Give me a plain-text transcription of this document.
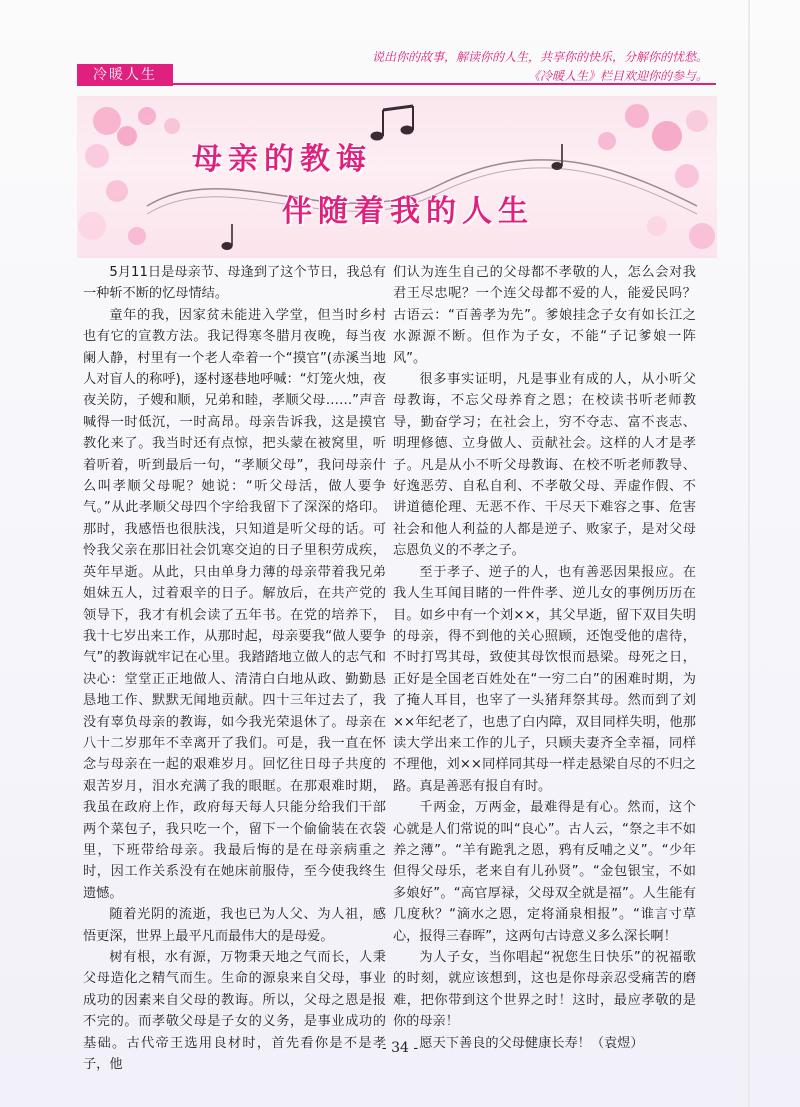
冷暖人生
说出你的故事，解读你的人生，共享你的快乐，分解你的忧愁。
《冷暖人生》栏目欢迎你的参与。
母亲的教诲
伴随着我的人生

5月11日是母亲节、母逢到了这个节日，我总有一种斩不断的忆母情结。

童年的我，因家贫未能进入学堂，但当时乡村也有它的宣教方法。我记得寒冬腊月夜晚，每当夜阑人静，村里有一个老人牵着一个“摸官”(赤溪当地人对盲人的称呼)，逐村逐巷地呼喊：“灯笼火烛，夜夜关防，子嫂和顺，兄弟和睦，孝顺父母……”声音喊得一时低沉，一时高昂。母亲告诉我，这是摸官教化来了。我当时还有点惊，把头蒙在被窝里，听着听着，听到最后一句，“孝顺父母”，我问母亲什么叫孝顺父母呢？她说：“听父母活，做人要争气。”从此孝顺父母四个字给我留下了深深的烙印。那时，我感悟也很肤浅，只知道是听父母的话。可怜我父亲在那旧社会饥寒交迫的日子里积劳成疾，英年早逝。从此，只由单身力薄的母亲带着我兄弟姐妹五人，过着艰辛的日子。解放后，在共产党的领导下，我才有机会读了五年书。在党的培养下，我十七岁出来工作，从那时起，母亲要我“做人要争气”的教诲就牢记在心里。我踏踏地立做人的志气和决心：堂堂正正地做人、清清白白地从政、勤勤恳恳地工作、默默无闻地贡献。四十三年过去了，我没有辜负母亲的教诲，如今我光荣退休了。母亲在八十二岁那年不幸离开了我们。可是，我一直在怀念与母亲在一起的艰难岁月。回忆往日母子共度的艰苦岁月，泪水充满了我的眼眶。在那艰难时期，我虽在政府上作，政府每天每人只能分给我们干部两个菜包子，我只吃一个，留下一个偷偷装在衣袋里，下班带给母亲。我最后悔的是在母亲病重之时，因工作关系没有在她床前服侍，至今使我终生遗憾。

随着光阴的流逝，我也已为人父、为人祖，感悟更深，世界上最平凡而最伟大的是母爱。

树有根，水有源，万物秉天地之气而长，人秉父母造化之精气而生。生命的源泉来自父母，事业成功的因素来自父母的教诲。所以，父母之恩是报不完的。而孝敬父母是子女的义务，是事业成功的基础。古代帝王选用良材时，首先看你是不是孝子，他

们认为连生自己的父母都不孝敬的人，怎么会对我君王尽忠呢？一个连父母都不爱的人，能爱民吗？古语云：“百善孝为先”。爹娘挂念子女有如长江之水源源不断。但作为子女，不能“子记爹娘一阵风”。

很多事实证明，凡是事业有成的人，从小听父母教诲，不忘父母养育之恩；在校读书听老师教导，勤奋学习；在社会上，穷不夺志、富不丧志、明理修德、立身做人、贡献社会。这样的人才是孝子。凡是从小不听父母教诲、在校不听老师教导、好逸恶劳、自私自利、不孝敬父母、弄虚作假、不讲道德伦理、无恶不作、干尽天下难容之事、危害社会和他人利益的人都是逆子、败家子，是对父母忘恩负义的不孝之子。

至于孝子、逆子的人，也有善恶因果报应。在我人生耳闻目睹的一件件孝、逆儿女的事例历历在目。如乡中有一个刘××，其父早逝，留下双目失明的母亲，得不到他的关心照顾，还饱受他的虐待，不时打骂其母，致使其母饮恨而悬梁。母死之日，正好是全国老百姓处在“一穷二白”的困难时期，为了掩人耳目，也宰了一头猪拜祭其母。然而到了刘××年纪老了，也患了白内障，双目同样失明，他那读大学出来工作的儿子，只顾夫妻齐全幸福，同样不理他，刘××同样同其母一样走悬梁自尽的不归之路。真是善恶有报自有时。

千两金，万两金，最难得是有心。然而，这个心就是人们常说的叫“良心”。古人云，“祭之丰不如养之薄”。“羊有跪乳之恩，鸦有反哺之义”。“少年但得父母乐，老来自有儿孙贤”。“金包银宝，不如多娘好”。“高官厚禄，父母双全就是福”。人生能有几度秋？“滴水之恩，定将涌泉相报”。“谁言寸草心，报得三春晖”，这两句古诗意义多么深长啊！

为人子女，当你唱起“祝您生日快乐”的祝福歌的时刻，就应该想到，这也是你母亲忍受痛苦的磨难，把你带到这个世界之时！这时，最应孝敬的是你的母亲！

愿天下善良的父母健康长寿！（袁煜）

- 34 -
